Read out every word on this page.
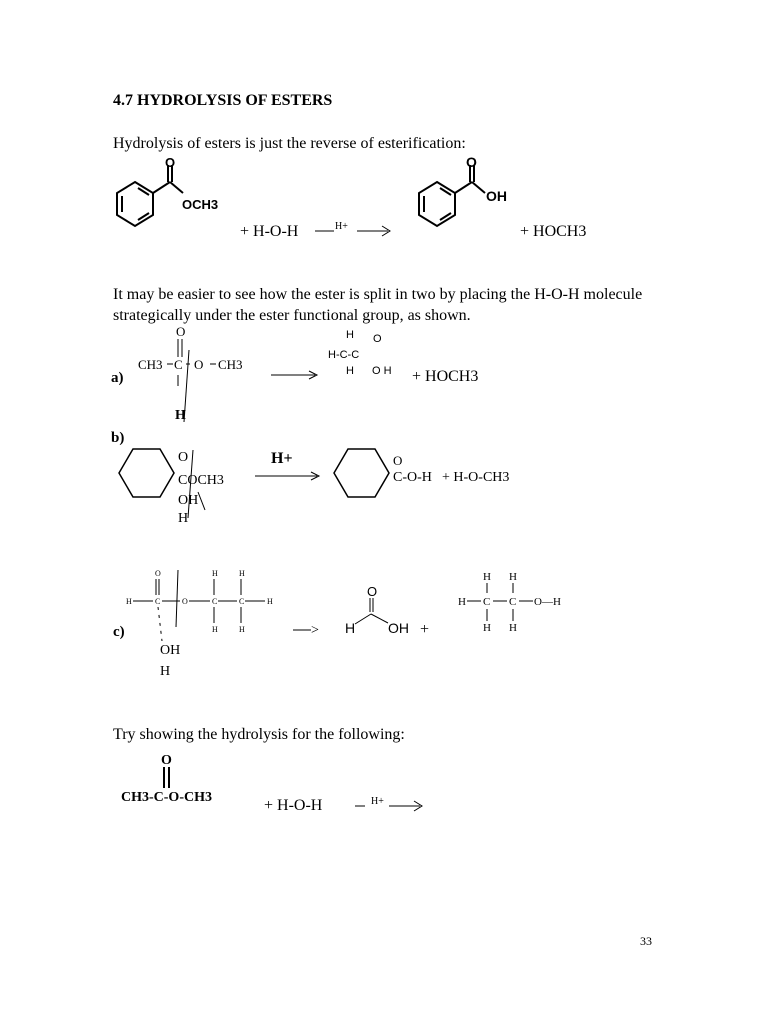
4.7 HYDROLYSIS OF ESTERS
Hydrolysis of esters is just the reverse of esterification:
O
OCH3
+ H-O-H	H+
O
OH
+ HOCH3
It may be easier to see how the ester is split in two by placing the H-O-H molecule strategically under the ester functional group, as shown.
a)
O
CH3 C O CH3
H
H O
H-C-C
H O H + HOCH3
b)
O
COCH3
OH
H
H+	O
C-O-H + H-O-CH3
O	H	H
H	C	O	C	C	H
H	H
c)
OH
H
>
O
H OH +
H H
H C C O—H
H H
Try showing the hydrolysis for the following:
O
CH3-C-O-CH3	+ H-O-H	H+
33
